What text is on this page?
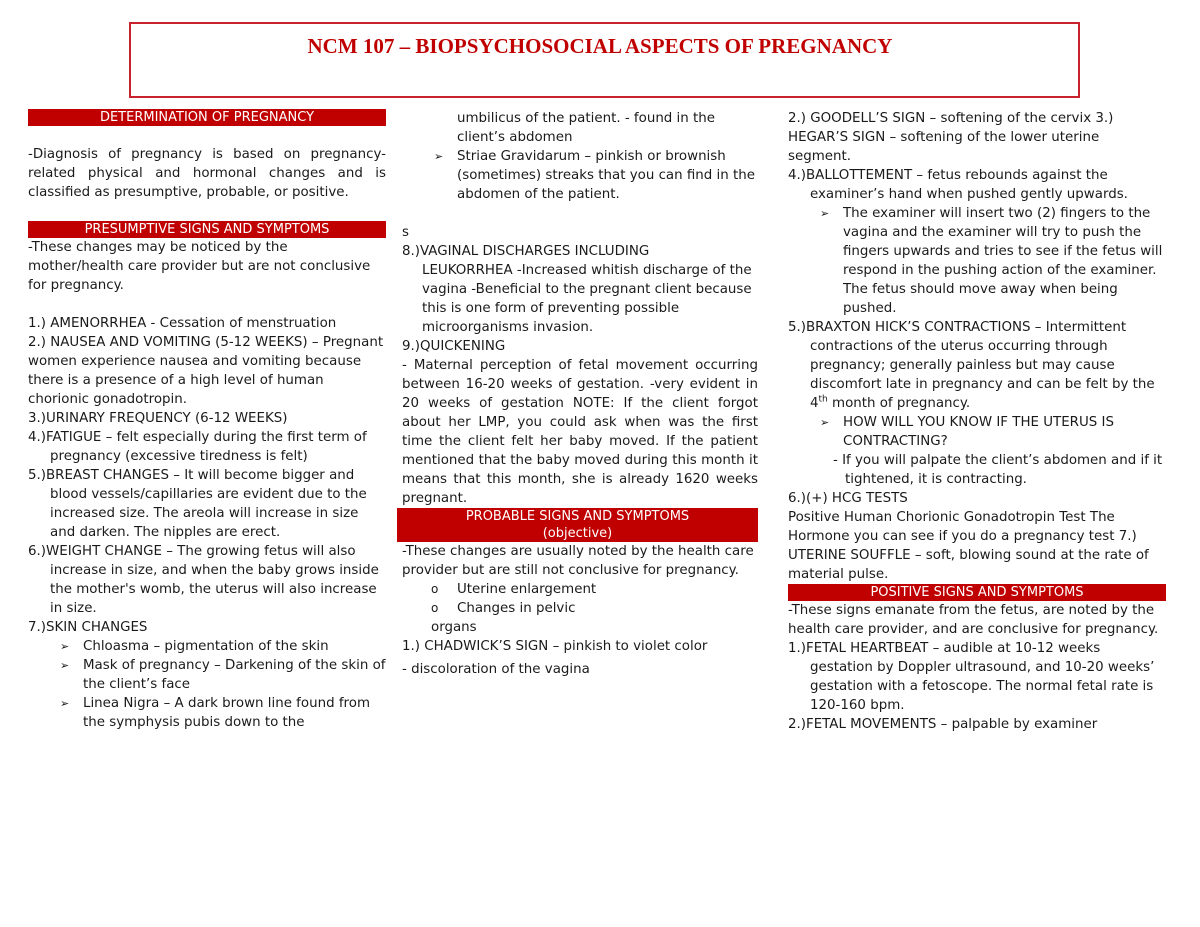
NCM 107 – BIOPSYCHOSOCIAL ASPECTS OF PREGNANCY
DETERMINATION OF PREGNANCY

-Diagnosis of pregnancy is based on pregnancy-related physical and hormonal changes and is classified as presumptive, probable, or positive.

PRESUMPTIVE SIGNS AND SYMPTOMS

-These changes may be noticed by the mother/health care provider but are not conclusive for pregnancy.

1.) AMENORRHEA - Cessation of menstruation

2.) NAUSEA AND VOMITING (5-12 WEEKS) – Pregnant women experience nausea and vomiting because there is a presence of a high level of human chorionic gonadotropin.

3.)URINARY FREQUENCY (6-12 WEEKS)

4.)FATIGUE – felt especially during the first term of pregnancy (excessive tiredness is felt)

5.)BREAST CHANGES – It will become bigger and blood vessels/capillaries are evident due to the increased size. The areola will increase in size and darken. The nipples are erect.

6.)WEIGHT CHANGE – The growing fetus will also increase in size, and when the baby grows inside the mother's womb, the uterus will also increase in size.

7.)SKIN CHANGES

➢ Chloasma – pigmentation of the skin
➢ Mask of pregnancy – Darkening of the skin of the client’s face
➢ Linea Nigra – A dark brown line found from the symphysis pubis down to the

umbilicus of the patient. - found in the client’s abdomen

➢ Striae Gravidarum – pinkish or brownish (sometimes) streaks that you can find in the abdomen of the patient.

s

8.)VAGINAL DISCHARGES INCLUDING

LEUKORRHEA -Increased whitish discharge of the vagina -Beneficial to the pregnant client because this is one form of preventing possible microorganisms invasion.

9.)QUICKENING

- Maternal perception of fetal movement occurring between 16-20 weeks of gestation. -very evident in 20 weeks of gestation NOTE: If the client forgot about her LMP, you could ask when was the first time the client felt her baby moved. If the patient mentioned that the baby moved during this month it means that this month, she is already 1620 weeks pregnant.

PROBABLE SIGNS AND SYMPTOMS
(objective)

-These changes are usually noted by the health care provider but are still not conclusive for pregnancy.

o Uterine enlargement
o Changes in pelvic

organs

1.) CHADWICK’S SIGN – pinkish to violet color

- discoloration of the vagina

2.) GOODELL’S SIGN – softening of the cervix 3.) HEGAR’S SIGN – softening of the lower uterine segment.

4.)BALLOTTEMENT – fetus rebounds against the examiner’s hand when pushed gently upwards.

➢ The examiner will insert two (2) fingers to the vagina and the examiner will try to push the fingers upwards and tries to see if the fetus will respond in the pushing action of the examiner. The fetus should move away when being pushed.

5.)BRAXTON HICK’S CONTRACTIONS – Intermittent contractions of the uterus occurring through pregnancy; generally painless but may cause discomfort late in pregnancy and can be felt by the 4th month of pregnancy.

➢ HOW WILL YOU KNOW IF THE UTERUS IS CONTRACTING?

- If you will palpate the client’s abdomen and if it tightened, it is contracting.

6.)(+) HCG TESTS

Positive Human Chorionic Gonadotropin Test The Hormone you can see if you do a pregnancy test 7.) UTERINE SOUFFLE – soft, blowing sound at the rate of material pulse.

POSITIVE SIGNS AND SYMPTOMS

-These signs emanate from the fetus, are noted by the health care provider, and are conclusive for pregnancy.

1.)FETAL HEARTBEAT – audible at 10-12 weeks gestation by Doppler ultrasound, and 10-20 weeks’ gestation with a fetoscope. The normal fetal rate is 120-160 bpm.

2.)FETAL MOVEMENTS – palpable by examiner
